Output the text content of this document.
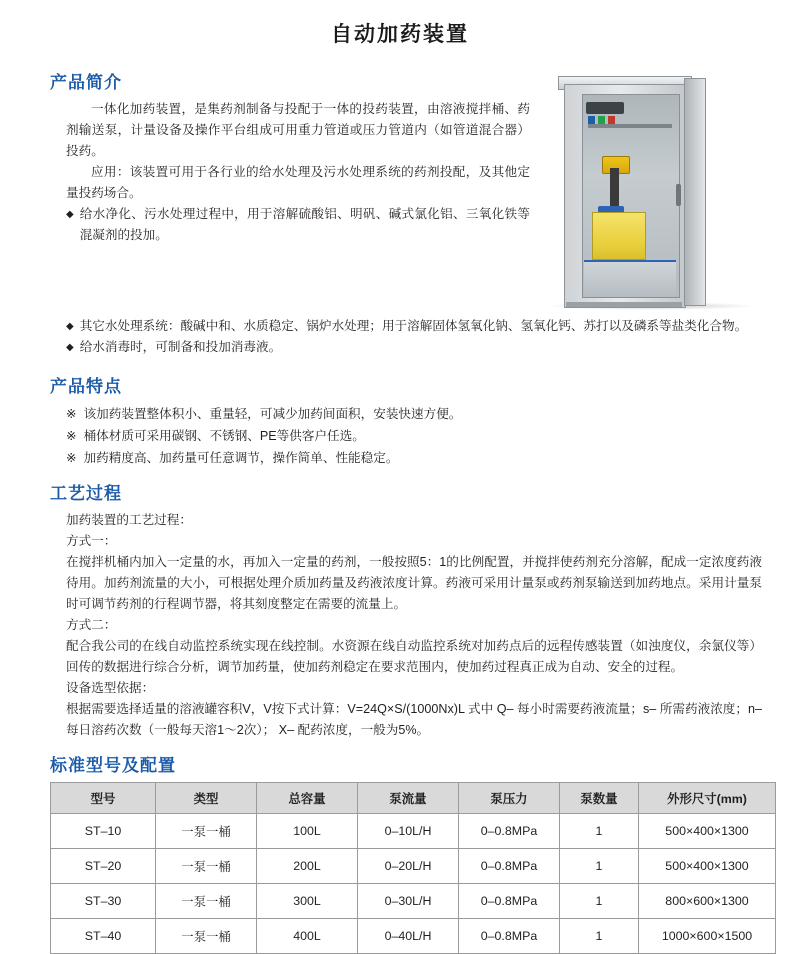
自动加药装置
产品简介

一体化加药装置，是集药剂制备与投配于一体的投药装置，由溶液搅拌桶、药剂输送泵，计量设备及操作平台组成可用重力管道或压力管道内（如管道混合器）投药。

应用：该装置可用于各行业的给水处理及污水处理系统的药剂投配，及其他定量投药场合。

◆ 给水净化、污水处理过程中，用于溶解硫酸铝、明矾、碱式氯化铝、三氧化铁等混凝剂的投加。
◆ 其它水处理系统：酸碱中和、水质稳定、锅炉水处理；用于溶解固体氢氧化钠、氢氧化钙、苏打以及磷系等盐类化合物。
◆ 给水消毒时，可制备和投加消毒液。
产品特点
※ 该加药装置整体积小、重量轻，可减少加药间面积，安装快速方便。
※ 桶体材质可采用碳钢、不锈钢、PE等供客户任选。
※ 加药精度高、加药量可任意调节，操作简单、性能稳定。
工艺过程

加药装置的工艺过程：

方式一：

在搅拌机桶内加入一定量的水，再加入一定量的药剂，一般按照5：1的比例配置，并搅拌使药剂充分溶解，配成一定浓度药液待用。加药剂流量的大小，可根据处理介质加药量及药液浓度计算。药液可采用计量泵或药剂泵输送到加药地点。采用计量泵时可调节药剂的行程调节器，将其刻度整定在需要的流量上。

方式二：

配合我公司的在线自动监控系统实现在线控制。水资源在线自动监控系统对加药点后的远程传感装置（如浊度仪，余氯仪等）回传的数据进行综合分析，调节加药量，使加药剂稳定在要求范围内，使加药过程真正成为自动、安全的过程。

设备选型依据：

根据需要选择适量的溶液罐容积V，V按下式计算：V=24Q×S/(1000Nx)L 式中 Q– 每小时需要药液流量；s– 所需药液浓度；n– 每日溶药次数（一般每天溶1～2次）； X– 配药浓度，一般为5%。

标准型号及配置
型号	类型	总容量	泵流量	泵压力	泵数量	外形尺寸(mm)
ST–10	一泵一桶	100L	0–10L/H	0–0.8MPa	1	500×400×1300
ST–20	一泵一桶	200L	0–20L/H	0–0.8MPa	1	500×400×1300
ST–30	一泵一桶	300L	0–30L/H	0–0.8MPa	1	800×600×1300
ST–40	一泵一桶	400L	0–40L/H	0–0.8MPa	1	1000×600×1500
